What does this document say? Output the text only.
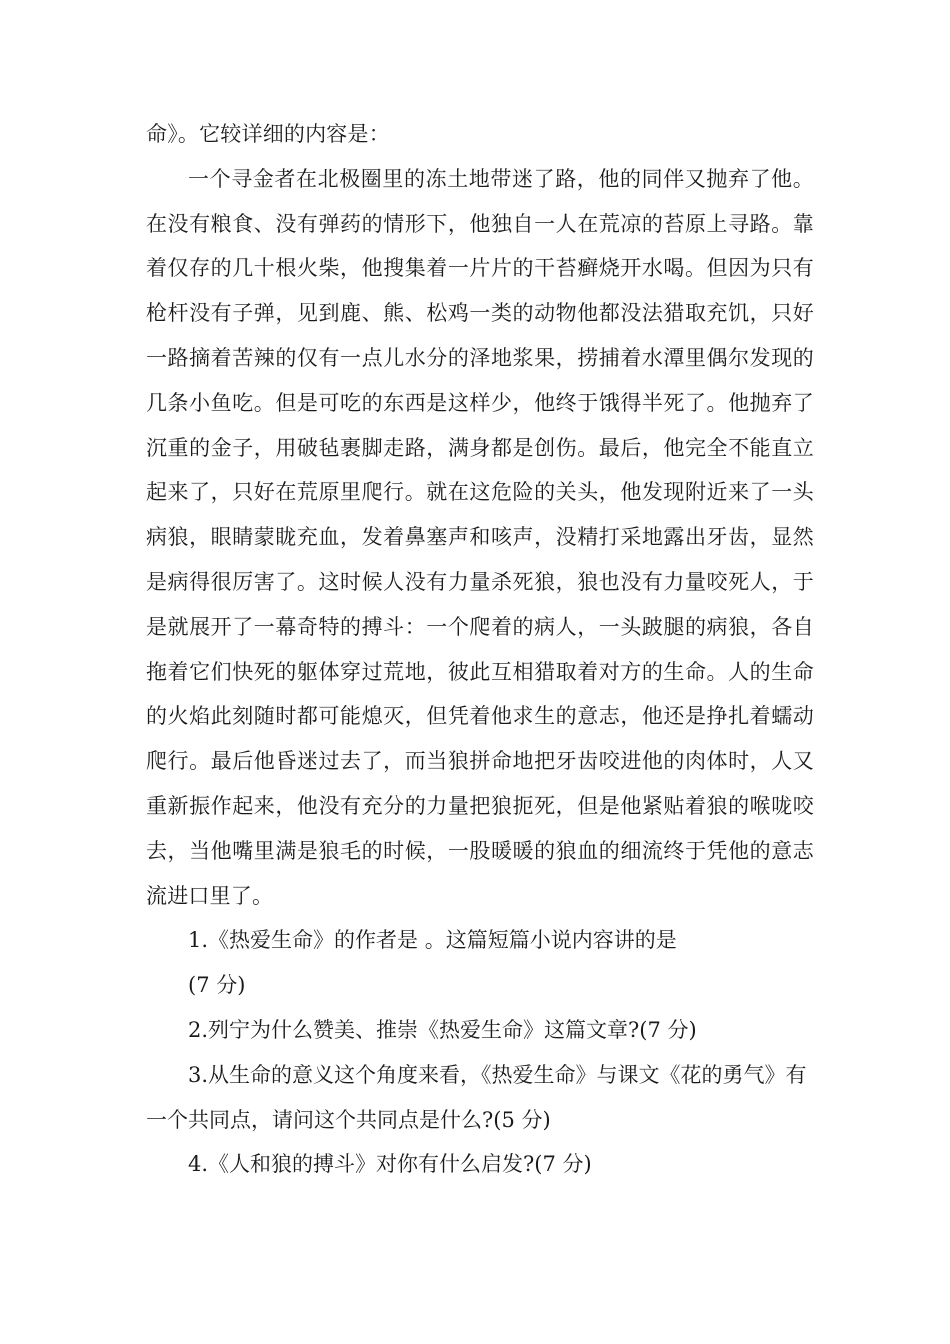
命》。它较详细的内容是：

一个寻金者在北极圈里的冻土地带迷了路，他的同伴又抛弃了他。在没有粮食、没有弹药的情形下，他独自一人在荒凉的苔原上寻路。靠着仅存的几十根火柴，他搜集着一片片的干苔癣烧开水喝。但因为只有枪杆没有子弹，见到鹿、熊、松鸡一类的动物他都没法猎取充饥，只好一路摘着苦辣的仅有一点儿水分的泽地浆果，捞捕着水潭里偶尔发现的几条小鱼吃。但是可吃的东西是这样少，他终于饿得半死了。他抛弃了沉重的金子，用破毡裹脚走路，满身都是创伤。最后，他完全不能直立起来了，只好在荒原里爬行。就在这危险的关头，他发现附近来了一头病狼，眼睛蒙眬充血，发着鼻塞声和咳声，没精打采地露出牙齿，显然是病得很厉害了。这时候人没有力量杀死狼，狼也没有力量咬死人，于是就展开了一幕奇特的搏斗：一个爬着的病人，一头跛腿的病狼，各自拖着它们快死的躯体穿过荒地，彼此互相猎取着对方的生命。人的生命的火焰此刻随时都可能熄灭，但凭着他求生的意志，他还是挣扎着蠕动爬行。最后他昏迷过去了，而当狼拼命地把牙齿咬进他的肉体时，人又重新振作起来，他没有充分的力量把狼扼死，但是他紧贴着狼的喉咙咬去，当他嘴里满是狼毛的时候，一股暖暖的狼血的细流终于凭他的意志流进口里了。

1.《热爱生命》的作者是 。这篇短篇小说内容讲的是

(7 分)

2.列宁为什么赞美、推崇《热爱生命》这篇文章?(7 分)

3.从生命的意义这个角度来看，《热爱生命》与课文《花的勇气》有一个共同点，请问这个共同点是什么?(5 分)

4.《人和狼的搏斗》对你有什么启发?(7 分)
